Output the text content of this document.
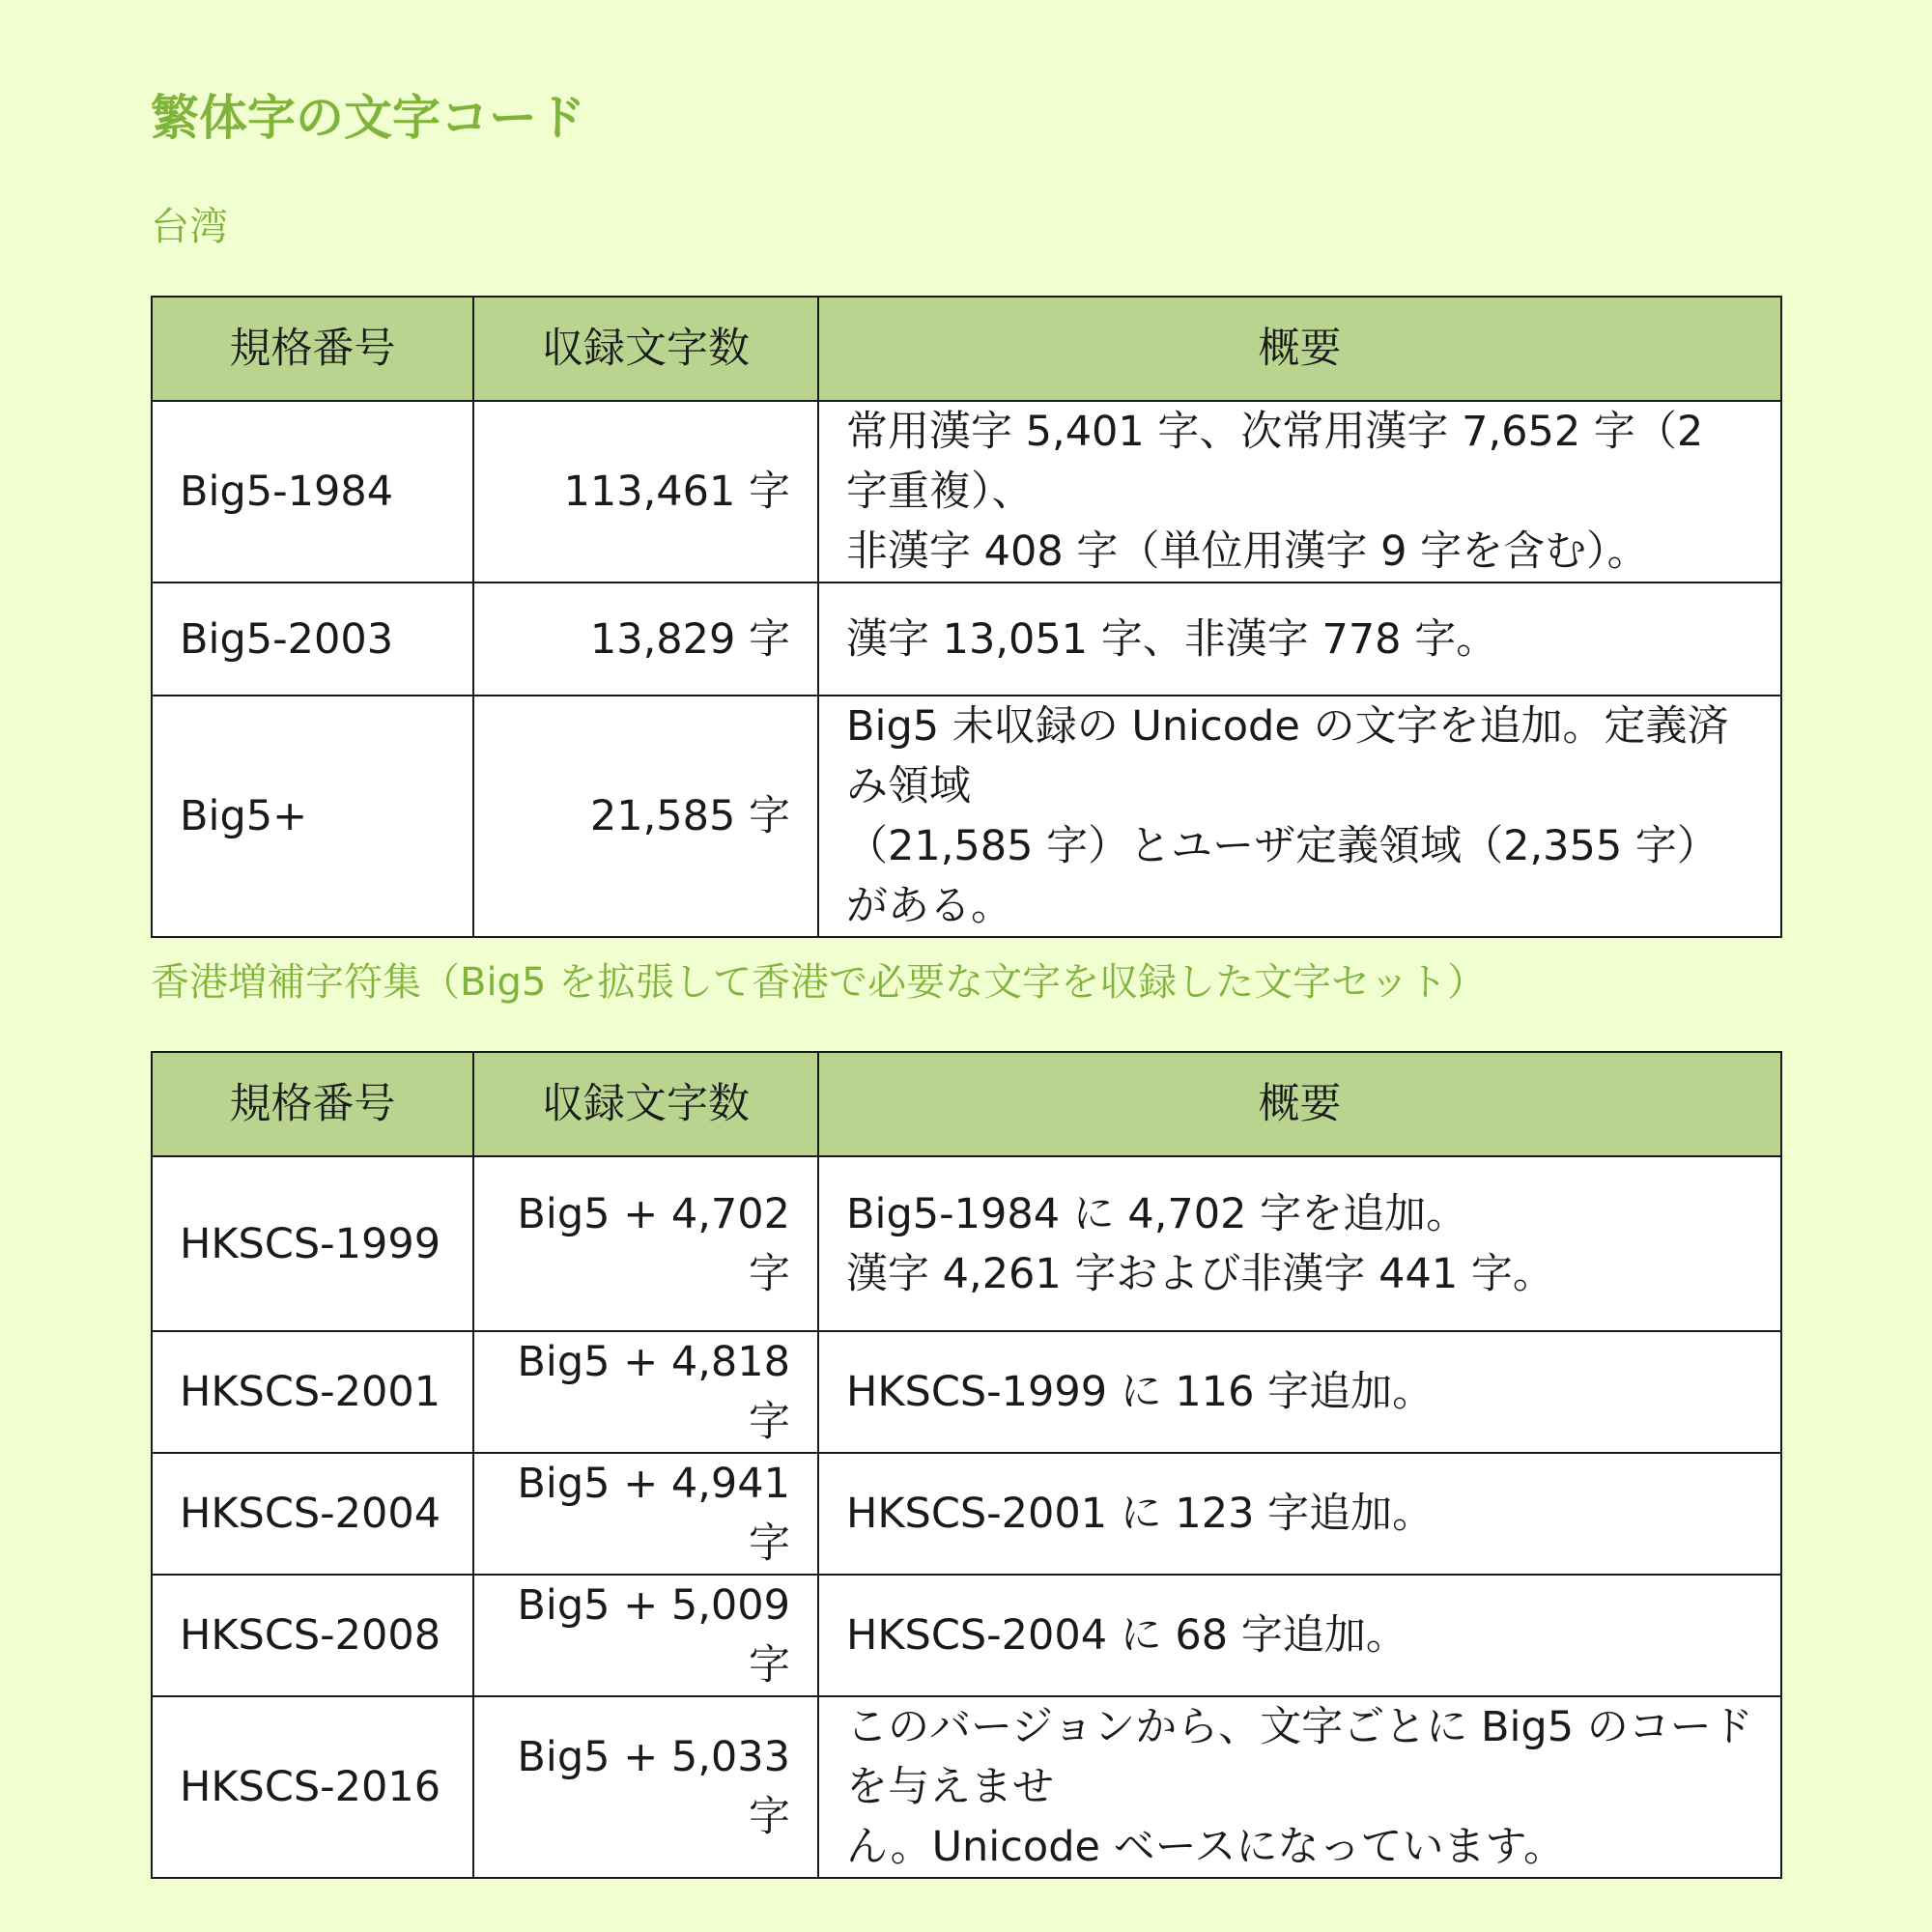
繁体字の文字コード
台湾
規格番号	収録文字数	概要
Big5-1984	113,461 字	常用漢字 5,401 字、次常用漢字 7,652 字（2 字重複）、
非漢字 408 字（単位用漢字 9 字を含む）。

Big5-2003	13,829 字	漢字 13,051 字、非漢字 778 字。

Big5+	21,585 字	Big5 未収録の Unicode の文字を追加。定義済み領域
（21,585 字）とユーザ定義領域（2,355 字）がある。
香港増補字符集（Big5 を拡張して香港で必要な文字を収録した文字セット）
規格番号	収録文字数	概要
HKSCS-1999	Big5 + 4,702 字	Big5-1984 に 4,702 字を追加。
漢字 4,261 字および非漢字 441 字。

HKSCS-2001	Big5 + 4,818 字	HKSCS-1999 に 116 字追加。

HKSCS-2004	Big5 + 4,941 字	HKSCS-2001 に 123 字追加。

HKSCS-2008	Big5 + 5,009 字	HKSCS-2004 に 68 字追加。

HKSCS-2016	Big5 + 5,033 字	このバージョンから、文字ごとに Big5 のコードを与えませ
ん。Unicode ベースになっています。
